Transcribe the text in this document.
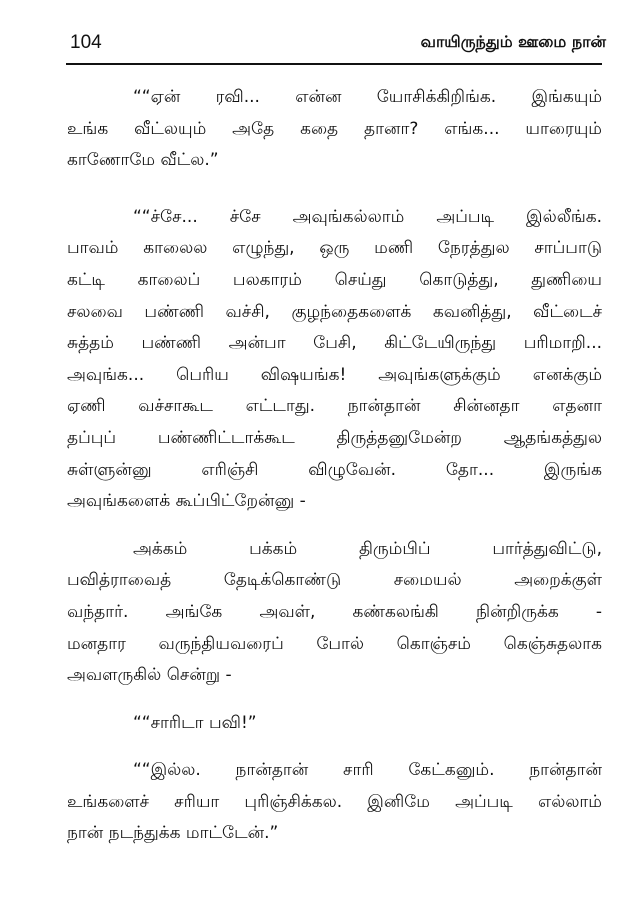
104	வாயிருந்தும் ஊமை நான்
““ஏன் ரவி... என்ன யோசிக்கிறிங்க. இங்கயும்
உங்க வீட்லயும் அதே கதை தானா? எங்க... யாரையும்
காணோமே வீட்ல.”
““ச்சே... ச்சே அவுங்கல்லாம் அப்படி இல்லீங்க.
பாவம் காலைல எழுந்து, ஒரு மணி நேரத்துல சாப்பாடு
கட்டி காலைப் பலகாரம் செய்து கொடுத்து, துணியை
சலவை பண்ணி வச்சி, குழந்தைகளைக் கவனித்து, வீட்டைச்
சுத்தம் பண்ணி அன்பா பேசி, கிட்டேயிருந்து பரிமாறி...
அவுங்க... பெரிய விஷயங்க! அவுங்களுக்கும் எனக்கும்
ஏணி வச்சாகூட எட்டாது. நான்தான் சின்னதா எதனா
தப்புப் பண்ணிட்டாக்கூட திருத்தனுமேன்ற ஆதங்கத்துல
சுள்ளுன்னு எரிஞ்சி விழுவேன். தோ... இருங்க
அவுங்களைக் கூப்பிட்றேன்னு -
அக்கம் பக்கம் திரும்பிப் பார்த்துவிட்டு,
பவித்ராவைத் தேடிக்கொண்டு சமையல் அறைக்குள்
வந்தார். அங்கே அவள், கண்கலங்கி நின்றிருக்க -
மனதார வருந்தியவரைப் போல் கொஞ்சம் கெஞ்சுதலாக
அவளருகில் சென்று -
““சாரிடா பவி!”
““இல்ல. நான்தான் சாரி கேட்கனும். நான்தான்
உங்களைச் சரியா புரிஞ்சிக்கல. இனிமே அப்படி எல்லாம்
நான் நடந்துக்க மாட்டேன்.”
